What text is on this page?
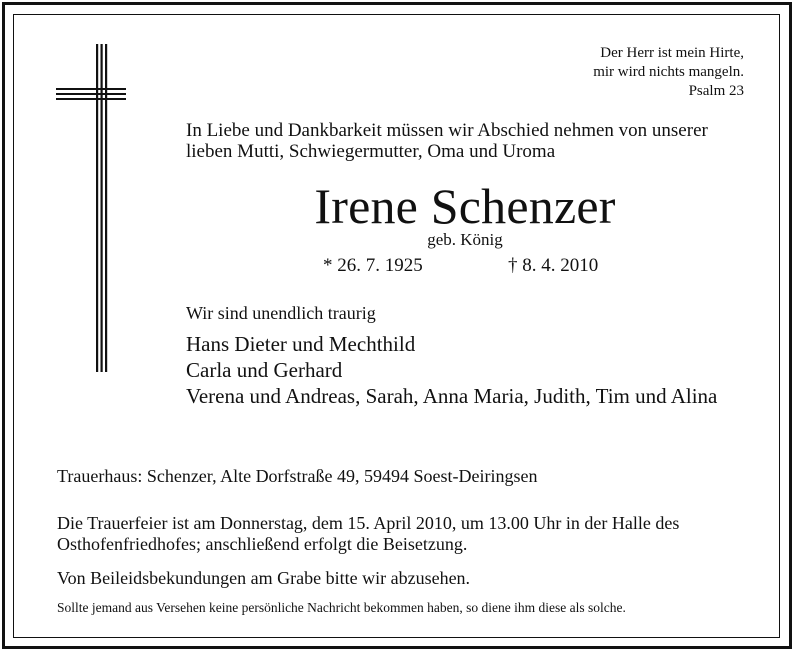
Der Herr ist mein Hirte,
mir wird nichts mangeln.
Psalm 23
In Liebe und Dankbarkeit müssen wir Abschied nehmen von unserer lieben Mutti, Schwiegermutter, Oma und Uroma
Irene Schenzer
geb. König
* 26. 7. 1925	† 8. 4. 2010
Wir sind unendlich traurig
Hans Dieter und Mechthild
Carla und Gerhard
Verena und Andreas, Sarah, Anna Maria, Judith, Tim und Alina
Trauerhaus: Schenzer, Alte Dorfstraße 49, 59494 Soest-Deiringsen
Die Trauerfeier ist am Donnerstag, dem 15. April 2010, um 13.00 Uhr in der Halle des Osthofenfriedhofes; anschließend erfolgt die Beisetzung.
Von Beileidsbekundungen am Grabe bitte wir abzusehen.
Sollte jemand aus Versehen keine persönliche Nachricht bekommen haben, so diene ihm diese als solche.
